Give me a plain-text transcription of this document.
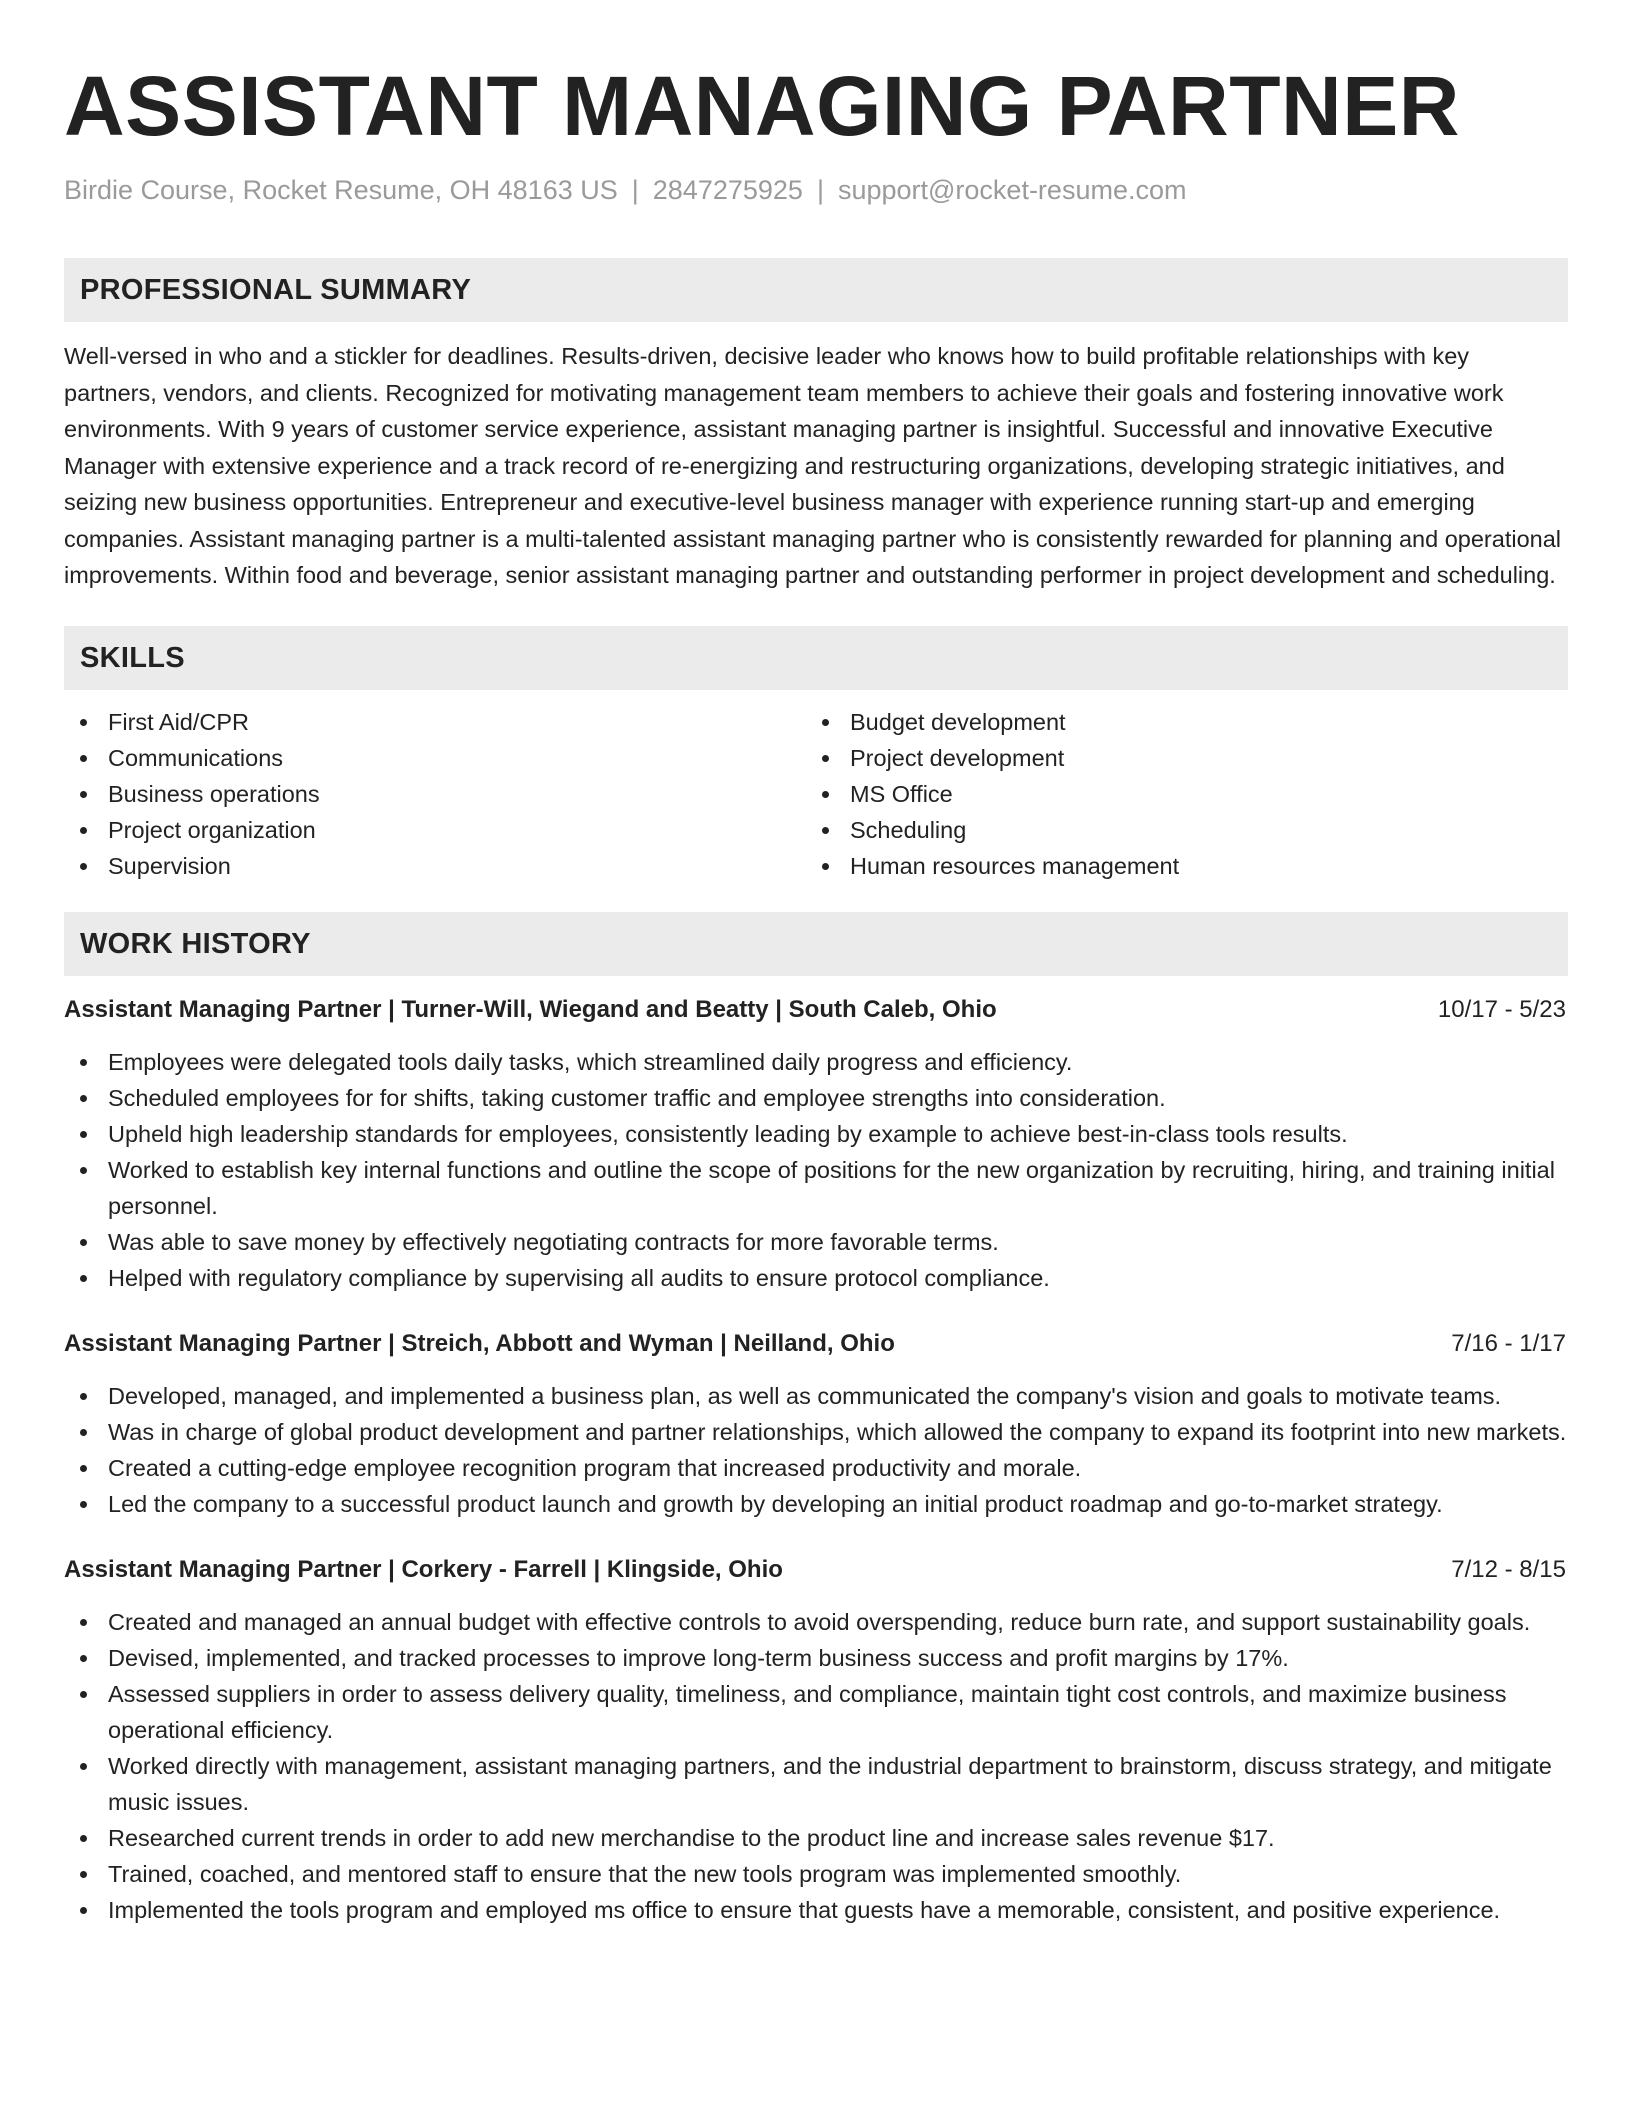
ASSISTANT MANAGING PARTNER
Birdie Course, Rocket Resume, OH 48163 US | 2847275925 | support@rocket-resume.com
PROFESSIONAL SUMMARY

Well-versed in who and a stickler for deadlines. Results-driven, decisive leader who knows how to build profitable relationships with key partners, vendors, and clients. Recognized for motivating management team members to achieve their goals and fostering innovative work environments. With 9 years of customer service experience, assistant managing partner is insightful. Successful and innovative Executive Manager with extensive experience and a track record of re-energizing and restructuring organizations, developing strategic initiatives, and seizing new business opportunities. Entrepreneur and executive-level business manager with experience running start-up and emerging companies. Assistant managing partner is a multi-talented assistant managing partner who is consistently rewarded for planning and operational improvements. Within food and beverage, senior assistant managing partner and outstanding performer in project development and scheduling.

SKILLS
First Aid/CPR
Communications
Business operations
Project organization
Supervision
Budget development
Project development
MS Office
Scheduling
Human resources management
WORK HISTORY
Assistant Managing Partner | Turner-Will, Wiegand and Beatty | South Caleb, Ohio	10/17 - 5/23
Employees were delegated tools daily tasks, which streamlined daily progress and efficiency.
Scheduled employees for for shifts, taking customer traffic and employee strengths into consideration.
Upheld high leadership standards for employees, consistently leading by example to achieve best-in-class tools results.
Worked to establish key internal functions and outline the scope of positions for the new organization by recruiting, hiring, and training initial personnel.
Was able to save money by effectively negotiating contracts for more favorable terms.
Helped with regulatory compliance by supervising all audits to ensure protocol compliance.
Assistant Managing Partner | Streich, Abbott and Wyman | Neilland, Ohio	7/16 - 1/17
Developed, managed, and implemented a business plan, as well as communicated the company's vision and goals to motivate teams.
Was in charge of global product development and partner relationships, which allowed the company to expand its footprint into new markets.
Created a cutting-edge employee recognition program that increased productivity and morale.
Led the company to a successful product launch and growth by developing an initial product roadmap and go-to-market strategy.
Assistant Managing Partner | Corkery - Farrell | Klingside, Ohio	7/12 - 8/15
Created and managed an annual budget with effective controls to avoid overspending, reduce burn rate, and support sustainability goals.
Devised, implemented, and tracked processes to improve long-term business success and profit margins by 17%.
Assessed suppliers in order to assess delivery quality, timeliness, and compliance, maintain tight cost controls, and maximize business operational efficiency.
Worked directly with management, assistant managing partners, and the industrial department to brainstorm, discuss strategy, and mitigate music issues.
Researched current trends in order to add new merchandise to the product line and increase sales revenue $17.
Trained, coached, and mentored staff to ensure that the new tools program was implemented smoothly.
Implemented the tools program and employed ms office to ensure that guests have a memorable, consistent, and positive experience.
